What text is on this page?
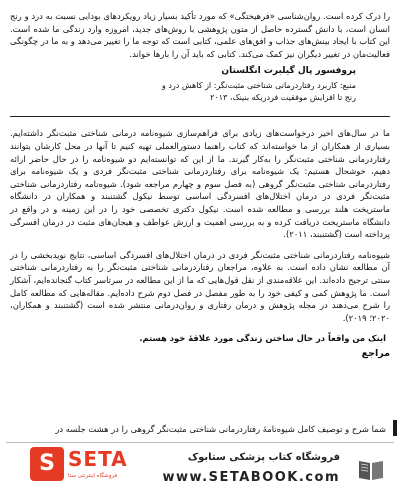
را درک کرده است. روان‌شناسی «فرهیختگی» که مورد تأکید بسیار زیاد رویکردهای بودایی نسبت به درد و رنج انسان است، با دانش گسترده حاصل از متون پژوهشی با روش‌های جدید، امروزه وارد زندگی ما شده است. این کتاب با ایجاد بینش‌های جذاب و افق‌های علمی، کتابی است که توجه ما را تغییر می‌دهد و به ما در چگونگی فعالیت‌مان در تغییر دیگران نیز کمک می‌کند. کتابی که باید آن را بارها خواند.

پروفسور پال گیلبرت انگلستان

منبع: کاربرد رفتاردرمانی شناختی مثبت‌نگر: از کاهش درد و

رنج تا افزایش موفقیت فردریکه بنینک، ۲۰۱۳

ما در سال‌های اخیر درخواست‌های زیادی برای فراهم‌سازی شیوه‌نامه درمانی شناختی مثبت‌نگر داشته‌ایم. بسیاری از همکاران از ما خواسته‌اند که کتاب راهنما دستورالعملی تهیه کنیم تا آنها در محل کارشان بتوانند رفتاردرمانی شناختی مثبت‌نگر را به‌کار گیرند. ما از این که توانسته‌ایم دو شیوه‌نامه را در حال حاضر ارائه دهیم، خوشحال هستیم: یک شیوه‌نامه برای رفتاردرمانی شناختی مثبت‌نگر فردی و یک شیوه‌نامه برای رفتاردرمانی شناختی مثبت‌نگر گروهی (به فصل سوم و چهارم مراجعه شود). شیوه‌نامه رفتاردرمانی شناختی مثبت‌نگر فردی در درمان اختلال‌های افسردگی اساسی توسط نیکول گشتنبند و همکاران در دانشگاه ماستریخت هلند بررسی و مطالعه شده است. نیکول دکتری تخصصی خود را در این زمینه و در واقع در دانشگاه ماستریخت دریافت کرده و به بررسی اهمیت و ارزش عواطف و هیجان‌های مثبت در درمان افسرگی پرداخته است (گشتنبند، ۲۰۱۱).

شیوه‌نامه رفتاردرمانی شناختی مثبت‌نگر فردی در درمان اختلال‌های افسردگی اساسی، نتایج نویدبخشی را در آن مطالعه نشان داده است. به علاوه، مراجعان رفتاردرمانی شناختی مثبت‌نگر را به رفتاردرمانی شناختی سنتی ترجیح داده‌اند. این علاقه‌مندی از نقل قول‌هایی که ما از این مطالعه در سرتاسر کتاب گنجانده‌ایم، آشکار است. ما پژوهش کمی و کیفی خود را به طور مفصل در فصل دوم شرح داده‌ایم. مقاله‌هایی که مطالعه کامل را شرح می‌دهند در مجله پژوهش و درمان رفتاری و روان‌درمانی منتشر شده است (گشتنبند و همکاران، ۲۰۲۰؛ ۲۰۱۹).

اینک من واقعاً در حال ساختن زندگی مورد علاقهٔ خود هستم.

مراجع

شما شرح و توصیف کامل شیوه‌نامهٔ رفتاردرمانی شناختی مثبت‌نگر گروهی را در هشت جلسه در

S SETA
فروشگاه اینترنتی ستا
فروشگاه کتاب پزشکی ستابوک
www.SETABOOK.com
